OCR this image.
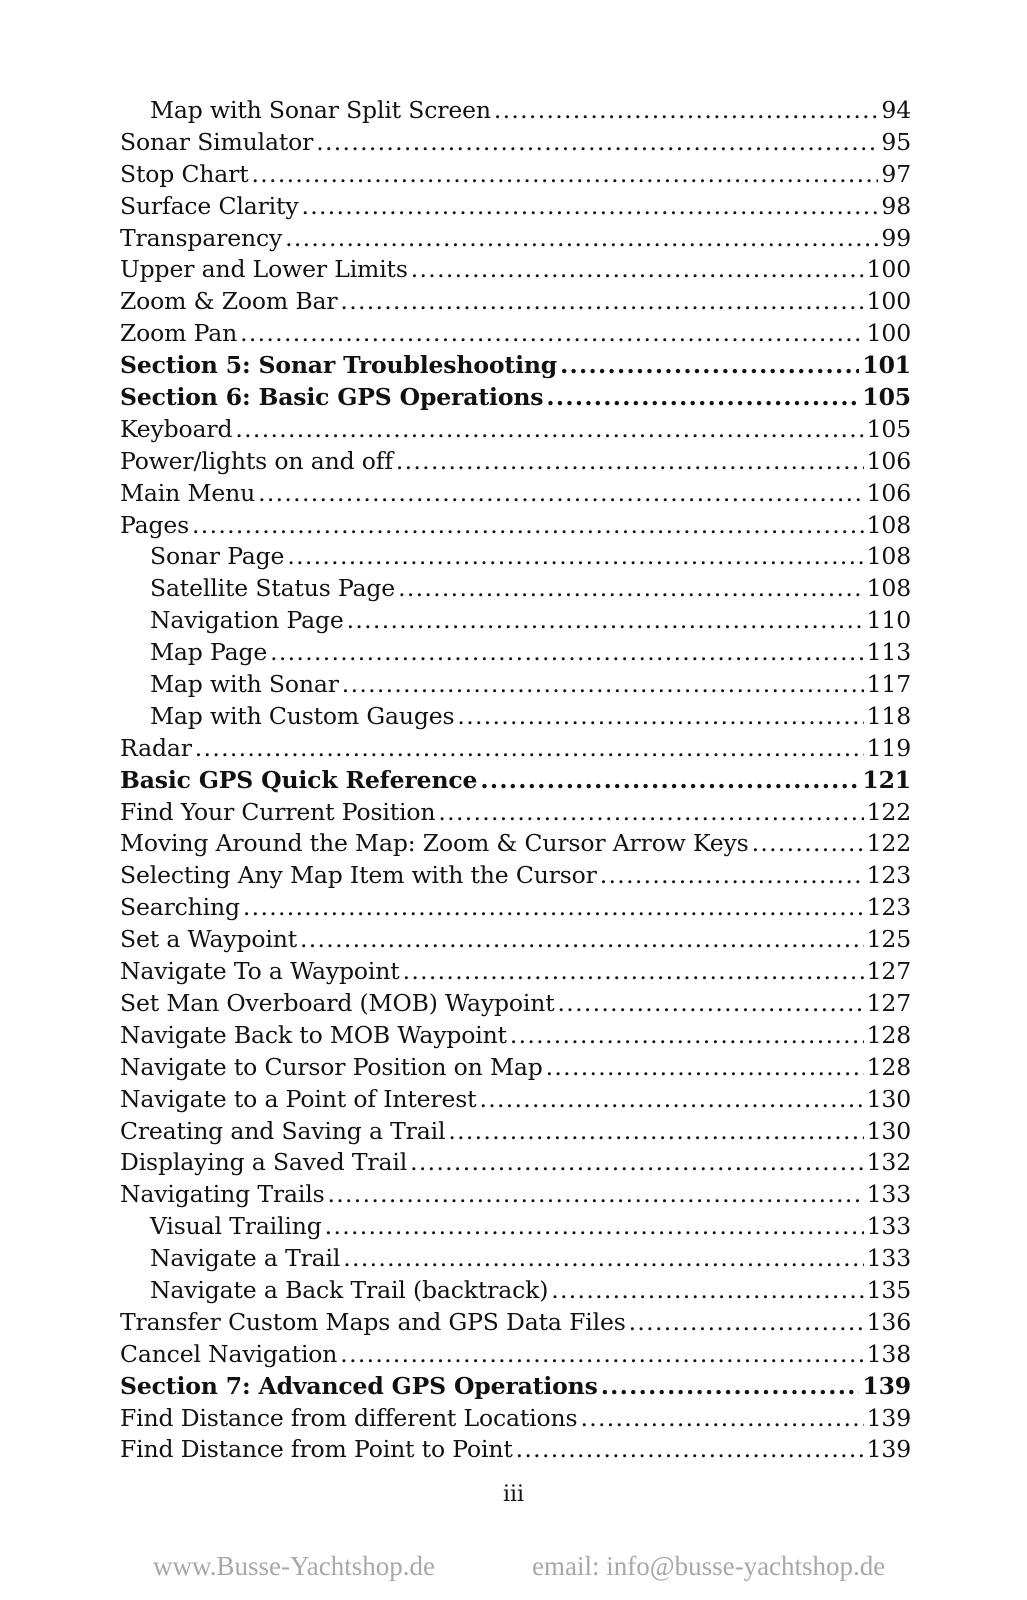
Map with Sonar Split Screen .....	94
Sonar Simulator .....	95
Stop Chart .....	97
Surface Clarity .....	98
Transparency .....	99
Upper and Lower Limits .....	100
Zoom & Zoom Bar .....	100
Zoom Pan .....	100
Section 5: Sonar Troubleshooting .....	101
Section 6: Basic GPS Operations .....	105
Keyboard .....	105
Power/lights on and off .....	106
Main Menu .....	106
Pages .....	108
Sonar Page .....	108
Satellite Status Page .....	108
Navigation Page .....	110
Map Page .....	113
Map with Sonar .....	117
Map with Custom Gauges .....	118
Radar .....	119
Basic GPS Quick Reference .....	121
Find Your Current Position .....	122
Moving Around the Map: Zoom & Cursor Arrow Keys .....	122
Selecting Any Map Item with the Cursor .....	123
Searching .....	123
Set a Waypoint .....	125
Navigate To a Waypoint .....	127
Set Man Overboard (MOB) Waypoint .....	127
Navigate Back to MOB Waypoint .....	128
Navigate to Cursor Position on Map .....	128
Navigate to a Point of Interest .....	130
Creating and Saving a Trail .....	130
Displaying a Saved Trail .....	132
Navigating Trails .....	133
Visual Trailing .....	133
Navigate a Trail .....	133
Navigate a Back Trail (backtrack) .....	135
Transfer Custom Maps and GPS Data Files .....	136
Cancel Navigation .....	138
Section 7: Advanced GPS Operations .....	139
Find Distance from different Locations .....	139
Find Distance from Point to Point .....	139
iii
www.Busse-Yachtshop.de	email: info@busse-yachtshop.de
